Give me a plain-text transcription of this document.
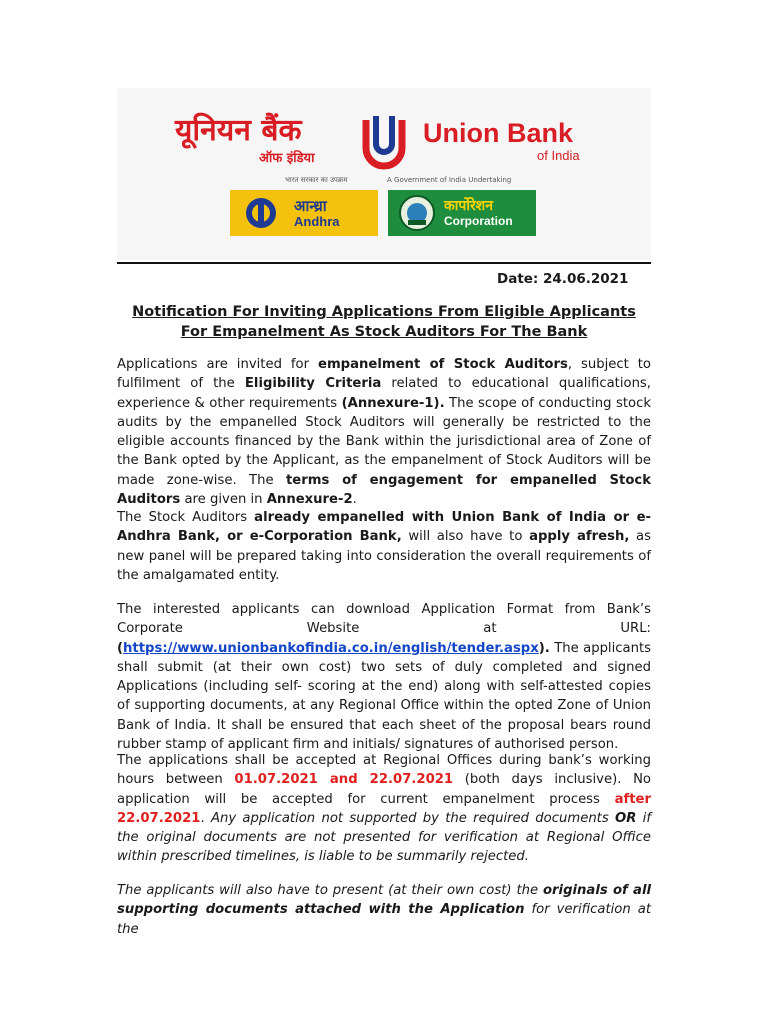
यूनियन बैंक
ऑफ इंडिया
Union Bank
of India
भारत सरकार का उपक्रम	A Government of India Undertaking
आन्ध्रा
Andhra
कार्पोरेशन
Corporation
Date: 24.06.2021
Notification For Inviting Applications From Eligible Applicants For Empanelment As Stock Auditors For The Bank
Applications are invited for empanelment of Stock Auditors, subject to fulfilment of the Eligibility Criteria related to educational qualifications, experience & other requirements (Annexure-1). The scope of conducting stock audits by the empanelled Stock Auditors will generally be restricted to the eligible accounts financed by the Bank within the jurisdictional area of Zone of the Bank opted by the Applicant, as the empanelment of Stock Auditors will be made zone-wise. The terms of engagement for empanelled Stock Auditors are given in Annexure-2.
The Stock Auditors already empanelled with Union Bank of India or e-Andhra Bank, or e-Corporation Bank, will also have to apply afresh, as new panel will be prepared taking into consideration the overall requirements of the amalgamated entity.
The interested applicants can download Application Format from Bank’s Corporate Website at URL: (https://www.unionbankofindia.co.in/english/tender.aspx). The applicants shall submit (at their own cost) two sets of duly completed and signed Applications (including self- scoring at the end) along with self-attested copies of supporting documents, at any Regional Office within the opted Zone of Union Bank of India. It shall be ensured that each sheet of the proposal bears round rubber stamp of applicant firm and initials/ signatures of authorised person.
The applications shall be accepted at Regional Offices during bank’s working hours between 01.07.2021 and 22.07.2021 (both days inclusive). No application will be accepted for current empanelment process after 22.07.2021. Any application not supported by the required documents OR if the original documents are not presented for verification at Regional Office within prescribed timelines, is liable to be summarily rejected.
The applicants will also have to present (at their own cost) the originals of all supporting documents attached with the Application for verification at the
